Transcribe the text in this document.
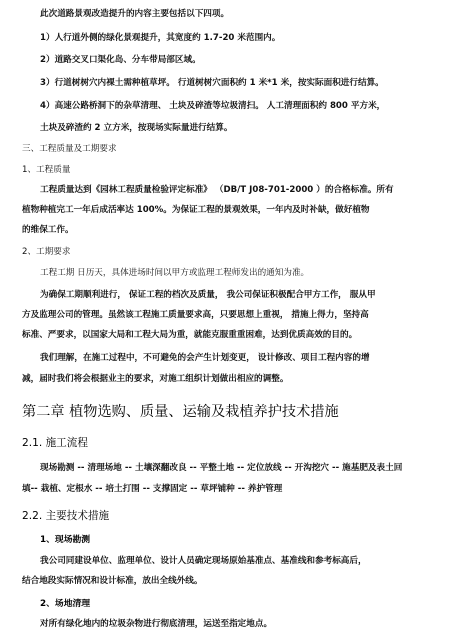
此次道路景观改造提升的内容主要包括以下四项。
1）人行道外侧的绿化景观提升，其宽度约 1.7-20 米范围内。
2）道路交叉口渠化岛、分车带局部区域。
3）行道树树穴内裸土需种植草坪。 行道树树穴面积约 1 米*1 米，按实际面积进行结算。
4）高速公路桥洞下的杂草清理、 土块及碎渣等垃圾清扫。 人工清理面积约 800 平方米，
土块及碎渣约 2 立方米，按现场实际量进行结算。
三、工程质量及工期要求
1、工程质量
工程质量达到《园林工程质量检验评定标准》 （DB/T J08-701-2000 ）的合格标准。所有
植物种植完工一年后成活率达 100%。为保证工程的景观效果，一年内及时补缺，做好植物
的维保工作。
2、工期要求
工程工期 日历天，具体进场时间以甲方或监理工程师发出的通知为准。
为确保工期顺利进行， 保证工程的档次及质量， 我公司保证积极配合甲方工作， 服从甲
方及监理公司的管理。虽然该工程施工质量要求高，只要思想上重视， 措施上得力，坚持高
标准、严要求，以国家大局和工程大局为重，就能克服重重困难，达到优质高效的目的。
我们理解，在施工过程中，不可避免的会产生计划变更， 设计修改、项目工程内容的增
减，届时我们将会根据业主的要求，对施工组织计划做出相应的调整。
第二章 植物选购、质量、运输及栽植养护技术措施
2.1. 施工流程
现场勘测 -- 清理场地 -- 土壤深翻改良 -- 平整土地 -- 定位放线 -- 开沟挖穴 -- 施基肥及表土回
填-- 栽植、定根水 -- 培土打围 -- 支撑固定 -- 草坪铺种 -- 养护管理
2.2. 主要技术措施
1、现场勘测
我公司同建设单位、监理单位、设计人员确定现场原始基准点、基准线和参考标高后，
结合地段实际情况和设计标准，放出全线外线。
2、场地清理
对所有绿化地内的垃圾杂物进行彻底清理，运送至指定地点。
